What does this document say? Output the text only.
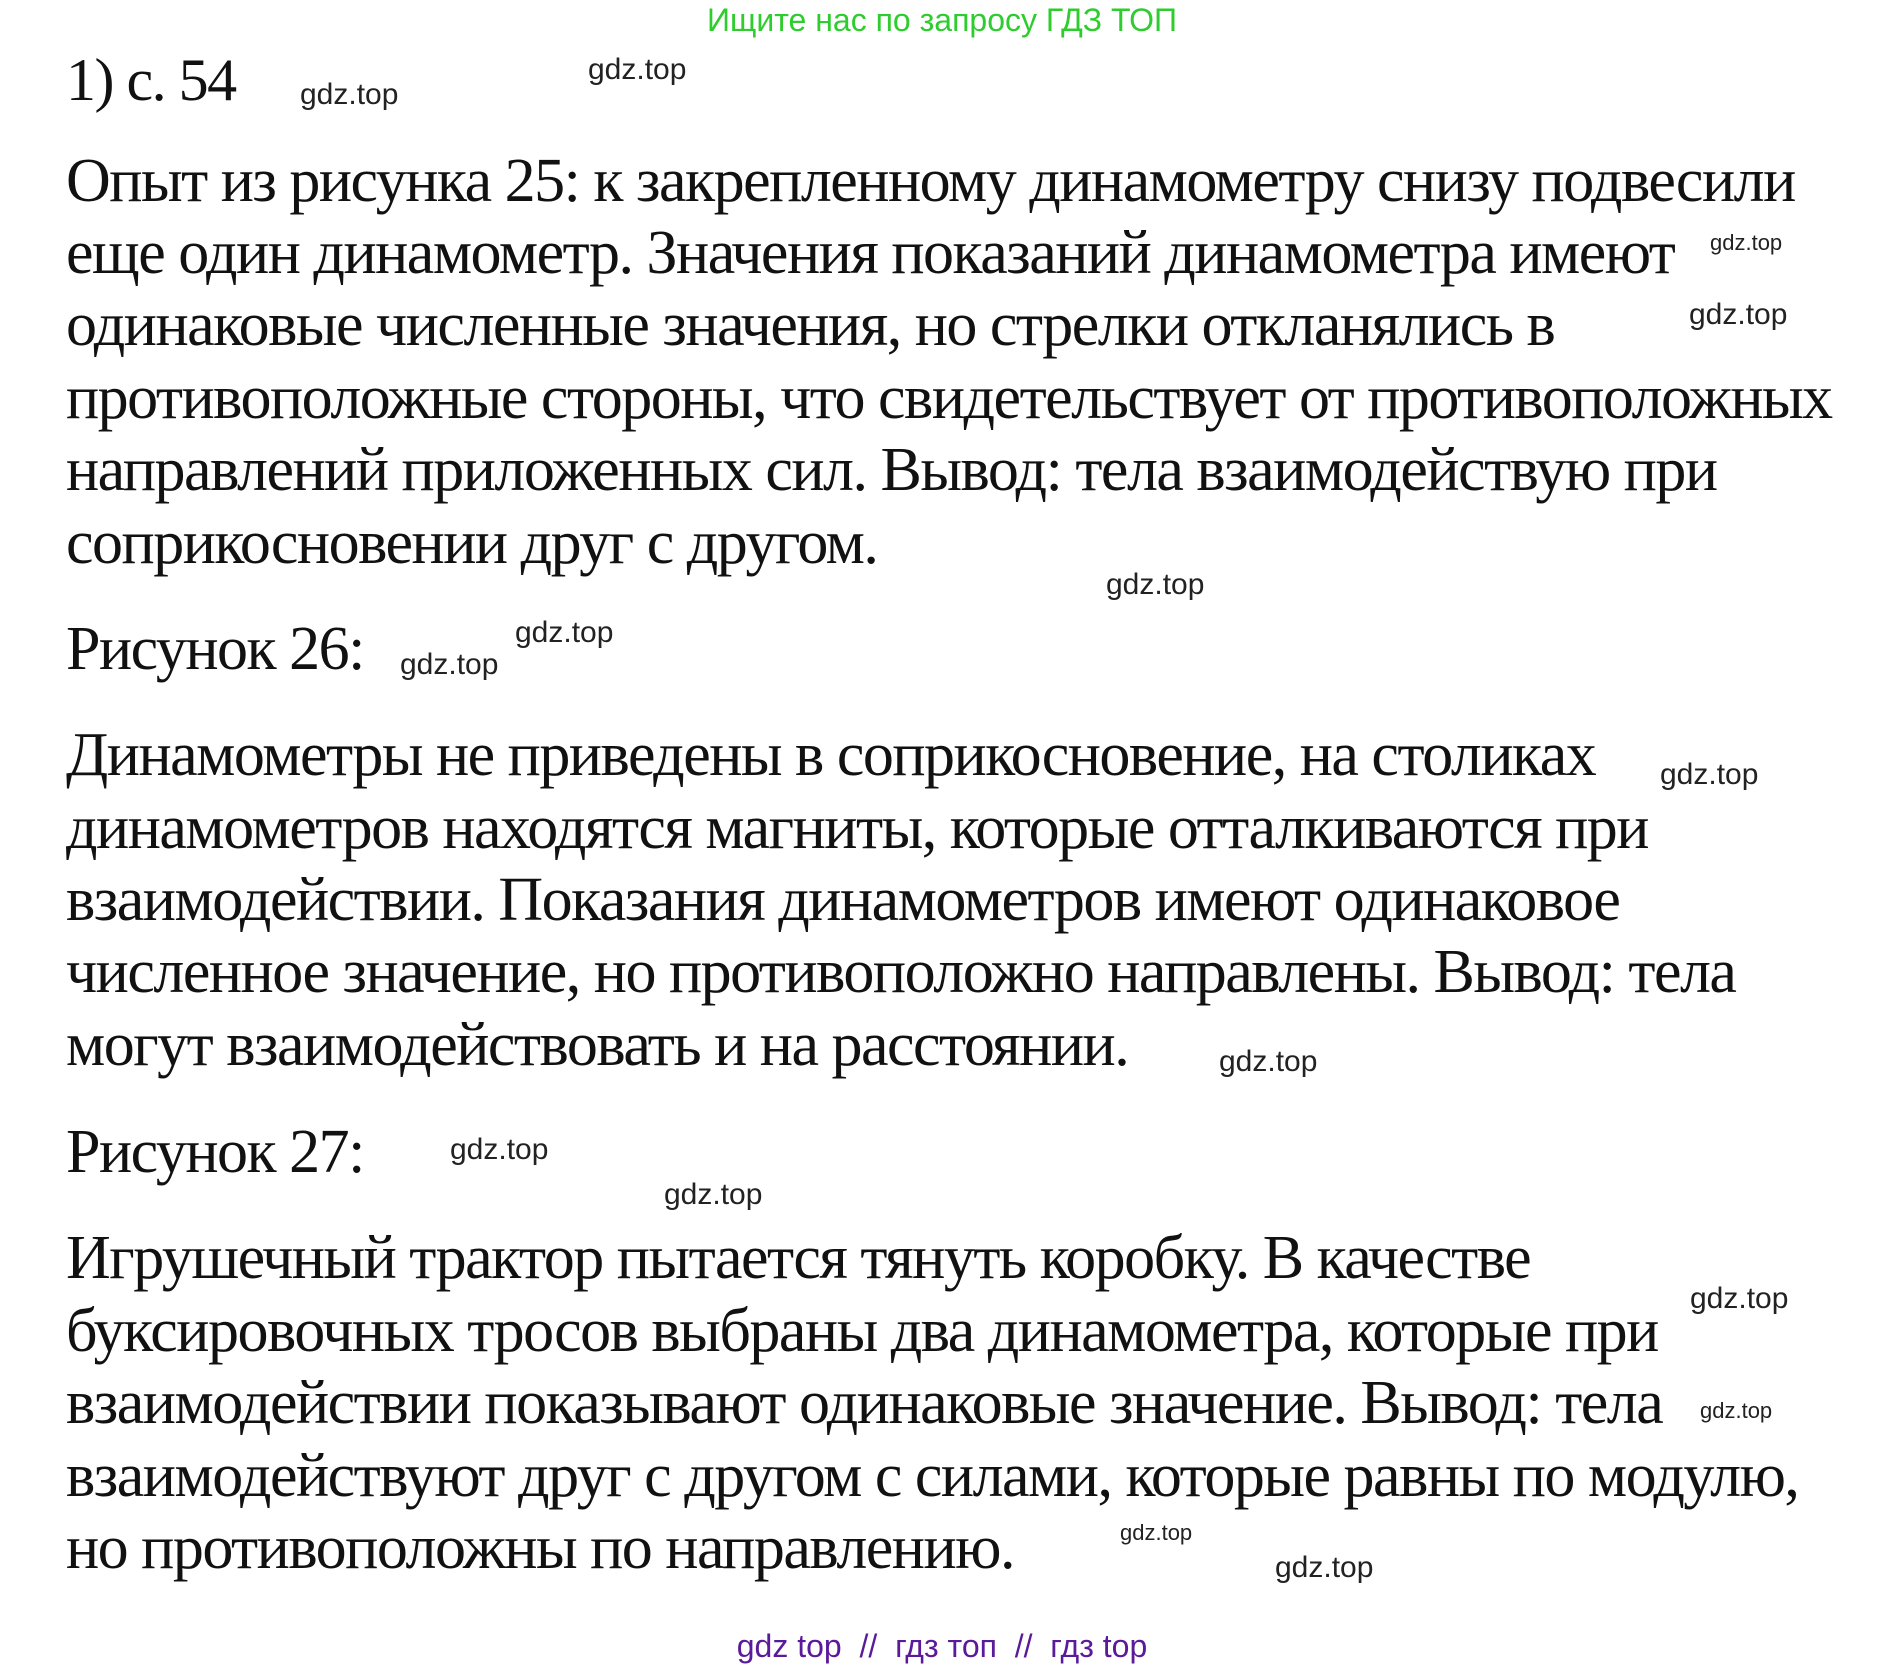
Ищите нас по запросу ГДЗ ТОП
1) с. 54
Опыт из рисунка 25: к закрепленному динамометру снизу подвесили
еще один динамометр. Значения показаний динамометра имеют
одинаковые численные значения, но стрелки откланялись в
противоположные стороны, что свидетельствует от противоположных
направлений приложенных сил. Вывод: тела взаимодействую при
соприкосновении друг с другом.
Рисунок 26:
Динамометры не приведены в соприкосновение, на столиках
динамометров находятся магниты, которые отталкиваются при
взаимодействии. Показания динамометров имеют одинаковое
численное значение, но противоположно направлены. Вывод: тела
могут взаимодействовать и на расстоянии.
Рисунок 27:
Игрушечный трактор пытается тянуть коробку. В качестве
буксировочных тросов выбраны два динамометра, которые при
взаимодействии показывают одинаковые значение. Вывод: тела
взаимодействуют друг с другом с силами, которые равны по модулю,
но противоположны по направлению.
gdz.top
gdz.top
gdz.top
gdz.top
gdz.top
gdz.top
gdz.top
gdz.top
gdz.top
gdz.top
gdz.top
gdz.top
gdz.top
gdz.top
gdz.top
gdz top  //  гдз топ  //  гдз top
